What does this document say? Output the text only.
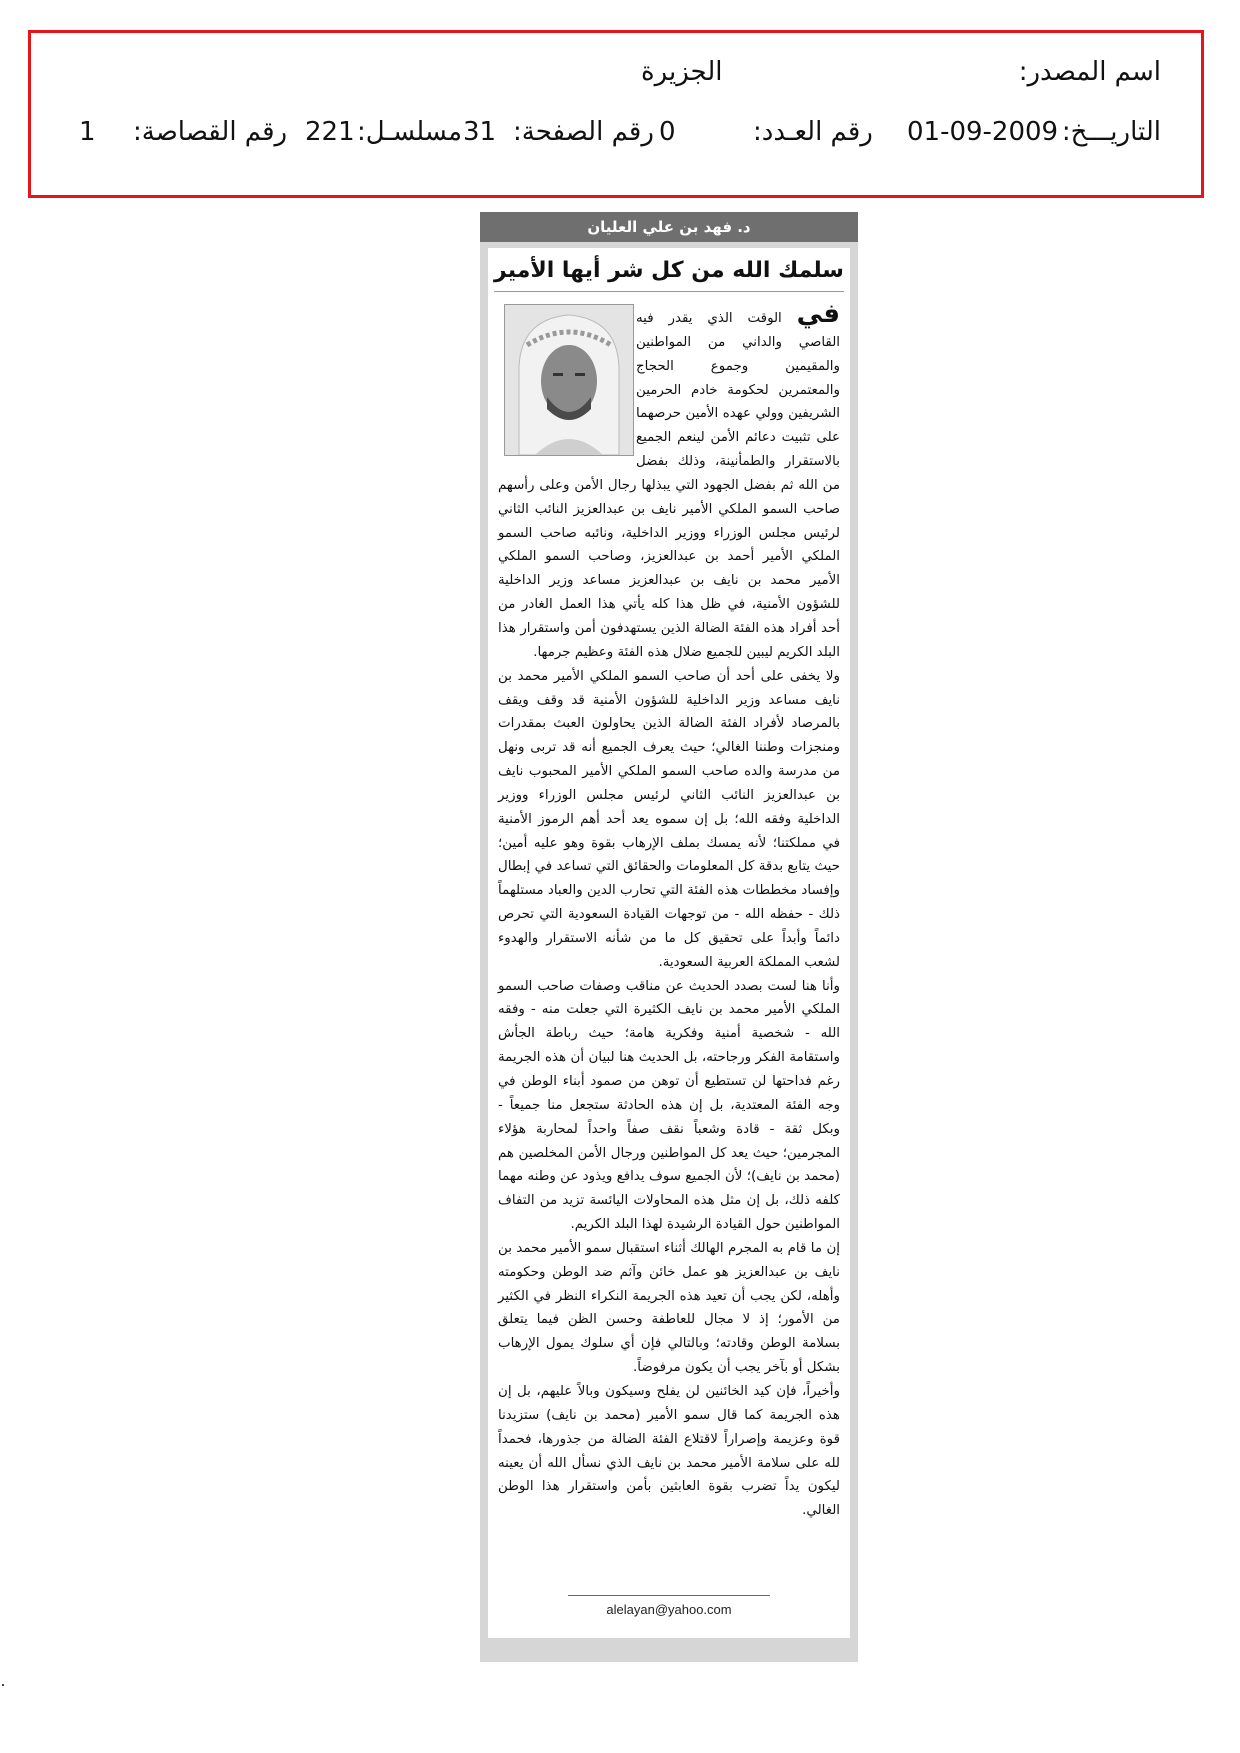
اسم المصدر:
الجزيرة
التاريـــخ:
01-09-2009
رقم العـدد:
0
رقم الصفحة:
31
مسلسـل:
221
رقم القصاصة:
1
د. فهد بن علي العليان
سلمك الله من كل شر أيها الأمير

في الوقت الذي يقدر فيه القاصي والداني من المواطنين والمقيمين وجموع الحجاج والمعتمرين لحكومة خادم الحرمين الشريفين وولي عهده الأمين حرصهما على تثبيت دعائم الأمن لينعم الجميع بالاستقرار والطمأنينة، وذلك بفضل من الله ثم بفضل الجهود التي يبذلها رجال الأمن وعلى رأسهم صاحب السمو الملكي الأمير نايف بن عبدالعزيز النائب الثاني لرئيس مجلس الوزراء ووزير الداخلية، ونائبه صاحب السمو الملكي الأمير أحمد بن عبدالعزيز، وصاحب السمو الملكي الأمير محمد بن نايف بن عبدالعزيز مساعد وزير الداخلية للشؤون الأمنية، في ظل هذا كله يأتي هذا العمل الغادر من أحد أفراد هذه الفئة الضالة الذين يستهدفون أمن واستقرار هذا البلد الكريم ليبين للجميع ضلال هذه الفئة وعظيم جرمها.

ولا يخفى على أحد أن صاحب السمو الملكي الأمير محمد بن نايف مساعد وزير الداخلية للشؤون الأمنية قد وقف ويقف بالمرصاد لأفراد الفئة الضالة الذين يحاولون العبث بمقدرات ومنجزات وطننا الغالي؛ حيث يعرف الجميع أنه قد تربى ونهل من مدرسة والده صاحب السمو الملكي الأمير المحبوب نايف بن عبدالعزيز النائب الثاني لرئيس مجلس الوزراء ووزير الداخلية وفقه الله؛ بل إن سموه يعد أحد أهم الرموز الأمنية في مملكتنا؛ لأنه يمسك بملف الإرهاب بقوة وهو عليه أمين؛ حيث يتابع بدقة كل المعلومات والحقائق التي تساعد في إبطال وإفساد مخططات هذه الفئة التي تحارب الدين والعباد مستلهماً ذلك - حفظه الله - من توجهات القيادة السعودية التي تحرص دائماً وأبداً على تحقيق كل ما من شأنه الاستقرار والهدوء لشعب المملكة العربية السعودية.

وأنا هنا لست بصدد الحديث عن مناقب وصفات صاحب السمو الملكي الأمير محمد بن نايف الكثيرة التي جعلت منه - وفقه الله - شخصية أمنية وفكرية هامة؛ حيث رباطة الجأش واستقامة الفكر ورجاحته، بل الحديث هنا لبيان أن هذه الجريمة رغم فداحتها لن تستطيع أن توهن من صمود أبناء الوطن في وجه الفئة المعتدية، بل إن هذه الحادثة ستجعل منا جميعاً - وبكل ثقة - قادة وشعباً نقف صفاً واحداً لمحاربة هؤلاء المجرمين؛ حيث يعد كل المواطنين ورجال الأمن المخلصين هم (محمد بن نايف)؛ لأن الجميع سوف يدافع ويذود عن وطنه مهما كلفه ذلك، بل إن مثل هذه المحاولات اليائسة تزيد من التفاف المواطنين حول القيادة الرشيدة لهذا البلد الكريم.

إن ما قام به المجرم الهالك أثناء استقبال سمو الأمير محمد بن نايف بن عبدالعزيز هو عمل خائن وآثم ضد الوطن وحكومته وأهله، لكن يجب أن تعيد هذه الجريمة النكراء النظر في الكثير من الأمور؛ إذ لا مجال للعاطفة وحسن الظن فيما يتعلق بسلامة الوطن وقادته؛ وبالتالي فإن أي سلوك يمول الإرهاب بشكل أو بآخر يجب أن يكون مرفوضاً.

وأخيراً، فإن كيد الخائنين لن يفلح وسيكون وبالاً عليهم، بل إن هذه الجريمة كما قال سمو الأمير (محمد بن نايف) ستزيدنا قوة وعزيمة وإصراراً لاقتلاع الفئة الضالة من جذورها، فحمداً لله على سلامة الأمير محمد بن نايف الذي نسأل الله أن يعينه ليكون يداً تضرب بقوة العابثين بأمن واستقرار هذا الوطن الغالي.

alelayan@yahoo.com
